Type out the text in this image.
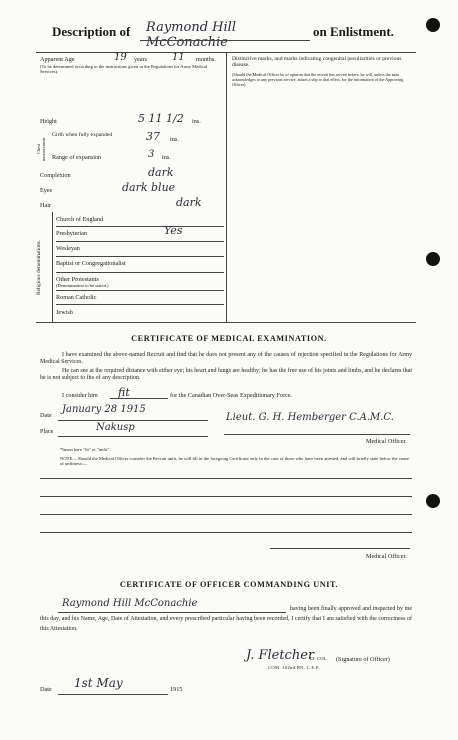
Description of Raymond Hill McConachie
on Enlistment.
Apparent Age	19 years 11 months.
(To be determined according to the instructions given in the Regulations for Army Medical Services).
Distinctive marks, and marks indicating congenital peculiarities or previous disease.
(Should the Medical Officer be of opinion that the recruit has served before, he will, unless the man acknowledges to any previous service, attach a slip to that effect, for the information of the Approving Officer).
Height	5 11 1/2 ins.
Chest measurement
Girth when fully expanded	37 ins.
Range of expansion	3 ins.
Complexion	dark
Eyes	dark blue
Hair	dark
Religious denominations.
Church of England
Presbyterian	Yes
Wesleyan
Baptist or Congregationalist
Other Protestants
(Denomination to be stated.)
Roman Catholic
Jewish
CERTIFICATE OF MEDICAL EXAMINATION.
I have examined the above-named Recruit and find that he does not present any of the causes of rejection specified in the Regulations for Army Medical Services.
He can see at the required distance with either eye; his heart and lungs are healthy; he has the free use of his joints and limbs, and he declares that he is not subject to fits of any description.
I consider him fit	for the Canadian Over-Seas Expeditionary Force.
Date
January 28 1915
Place	Nakusp
Lieut. G. H. Hemberger C.A.M.C.
Medical Officer.
*Insert here "fit" or "unfit".
NOTE.—Should the Medical Officer consider the Recruit unfit, he will fill in the foregoing Certificate only in the case of those who have been attested, and will briefly state below the cause of unfitness:—
Medical Officer.
CERTIFICATE OF OFFICER COMMANDING UNIT.
Raymond Hill McConachie	having been finally approved and inspected by me this day, and his Name, Age, Date of Attestation, and every prescribed particular having been recorded, I certify that I am satisfied with the correctness of this Attestation.
J. Fletcher
COM. 102nd BN. C.E.F.
LT. COL. (Signature of Officer)
Date 1st May	1915
